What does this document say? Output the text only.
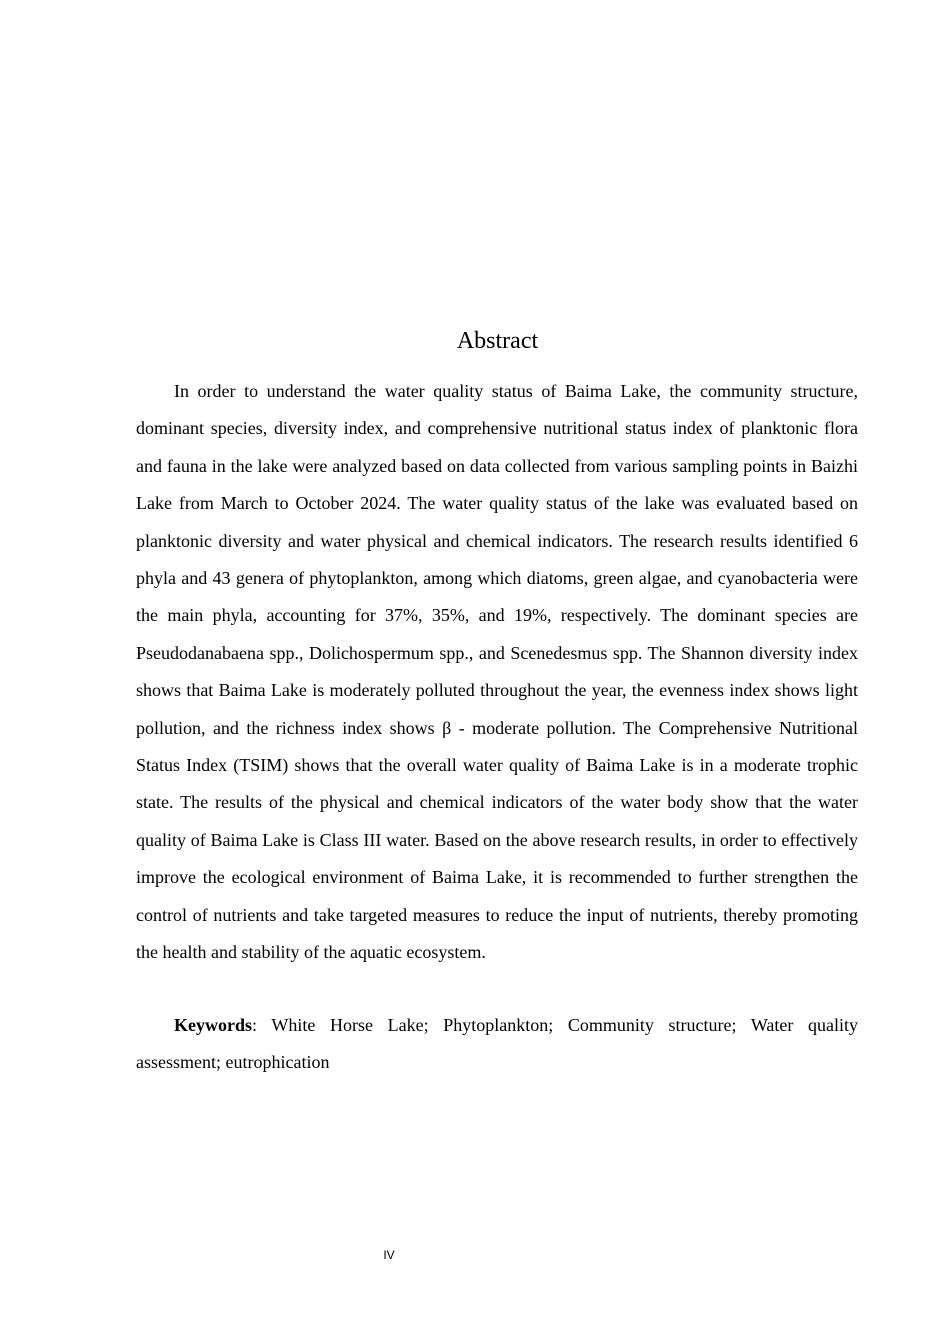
Abstract

In order to understand the water quality status of Baima Lake, the community structure, dominant species, diversity index, and comprehensive nutritional status index of planktonic flora and fauna in the lake were analyzed based on data collected from various sampling points in Baizhi Lake from March to October 2024. The water quality status of the lake was evaluated based on planktonic diversity and water physical and chemical indicators. The research results identified 6 phyla and 43 genera of phytoplankton, among which diatoms, green algae, and cyanobacteria were the main phyla, accounting for 37%, 35%, and 19%, respectively. The dominant species are Pseudodanabaena spp., Dolichospermum spp., and Scenedesmus spp. The Shannon diversity index shows that Baima Lake is moderately polluted throughout the year, the evenness index shows light pollution, and the richness index shows β - moderate pollution. The Comprehensive Nutritional Status Index (TSIM) shows that the overall water quality of Baima Lake is in a moderate trophic state. The results of the physical and chemical indicators of the water body show that the water quality of Baima Lake is Class III water. Based on the above research results, in order to effectively improve the ecological environment of Baima Lake, it is recommended to further strengthen the control of nutrients and take targeted measures to reduce the input of nutrients, thereby promoting the health and stability of the aquatic ecosystem.

Keywords: White Horse Lake; Phytoplankton; Community structure; Water quality assessment; eutrophication

IV
